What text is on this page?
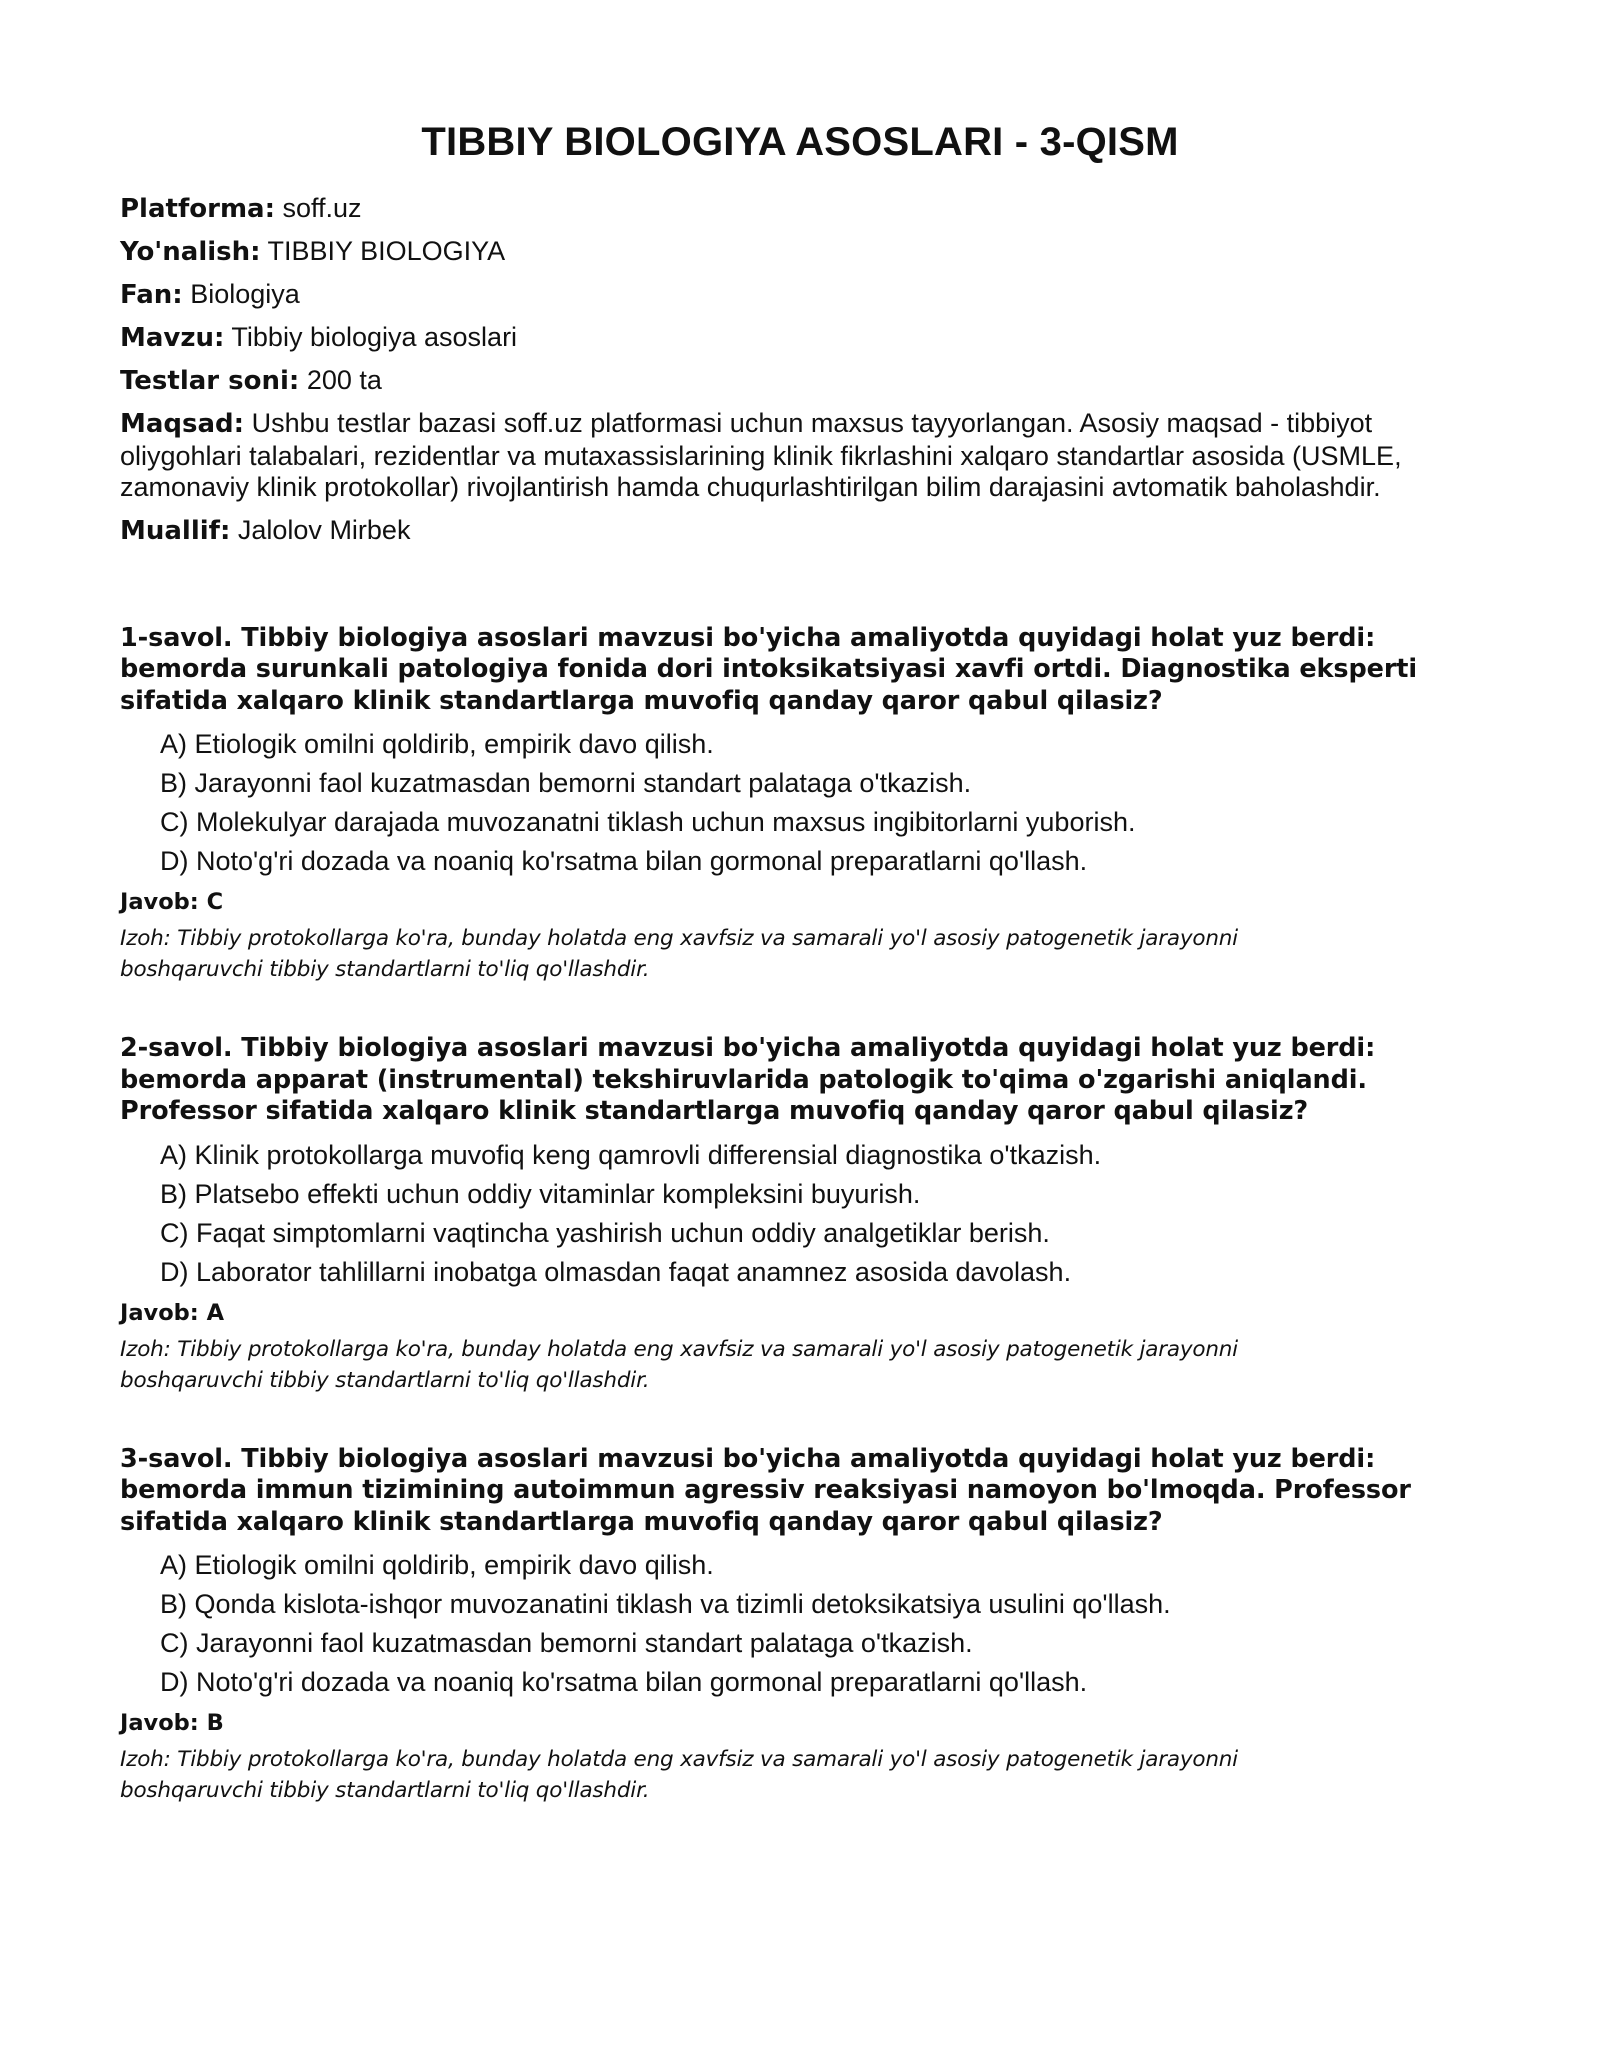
TIBBIY BIOLOGIYA ASOSLARI - 3-QISM
Platforma: soff.uz
Yo'nalish: TIBBIY BIOLOGIYA
Fan: Biologiya
Mavzu: Tibbiy biologiya asoslari
Testlar soni: 200 ta
Maqsad: Ushbu testlar bazasi soff.uz platformasi uchun maxsus tayyorlangan. Asosiy maqsad - tibbiyot oliygohlari talabalari, rezidentlar va mutaxassislarining klinik fikrlashini xalqaro standartlar asosida (USMLE, zamonaviy klinik protokollar) rivojlantirish hamda chuqurlashtirilgan bilim darajasini avtomatik baholashdir.
Muallif: Jalolov Mirbek
1-savol. Tibbiy biologiya asoslari mavzusi bo'yicha amaliyotda quyidagi holat yuz berdi: bemorda surunkali patologiya fonida dori intoksikatsiyasi xavfi ortdi. Diagnostika eksperti sifatida xalqaro klinik standartlarga muvofiq qanday qaror qabul qilasiz?
A) Etiologik omilni qoldirib, empirik davo qilish.
B) Jarayonni faol kuzatmasdan bemorni standart palataga o'tkazish.
C) Molekulyar darajada muvozanatni tiklash uchun maxsus ingibitorlarni yuborish.
D) Noto'g'ri dozada va noaniq ko'rsatma bilan gormonal preparatlarni qo'llash.
Javob: C

Izoh: Tibbiy protokollarga ko'ra, bunday holatda eng xavfsiz va samarali yo'l asosiy patogenetik jarayonni boshqaruvchi tibbiy standartlarni to'liq qo'llashdir.

2-savol. Tibbiy biologiya asoslari mavzusi bo'yicha amaliyotda quyidagi holat yuz berdi: bemorda apparat (instrumental) tekshiruvlarida patologik to'qima o'zgarishi aniqlandi. Professor sifatida xalqaro klinik standartlarga muvofiq qanday qaror qabul qilasiz?
A) Klinik protokollarga muvofiq keng qamrovli differensial diagnostika o'tkazish.
B) Platsebo effekti uchun oddiy vitaminlar kompleksini buyurish.
C) Faqat simptomlarni vaqtincha yashirish uchun oddiy analgetiklar berish.
D) Laborator tahlillarni inobatga olmasdan faqat anamnez asosida davolash.
Javob: A

Izoh: Tibbiy protokollarga ko'ra, bunday holatda eng xavfsiz va samarali yo'l asosiy patogenetik jarayonni boshqaruvchi tibbiy standartlarni to'liq qo'llashdir.

3-savol. Tibbiy biologiya asoslari mavzusi bo'yicha amaliyotda quyidagi holat yuz berdi: bemorda immun tizimining autoimmun agressiv reaksiyasi namoyon bo'lmoqda. Professor sifatida xalqaro klinik standartlarga muvofiq qanday qaror qabul qilasiz?
A) Etiologik omilni qoldirib, empirik davo qilish.
B) Qonda kislota-ishqor muvozanatini tiklash va tizimli detoksikatsiya usulini qo'llash.
C) Jarayonni faol kuzatmasdan bemorni standart palataga o'tkazish.
D) Noto'g'ri dozada va noaniq ko'rsatma bilan gormonal preparatlarni qo'llash.
Javob: B

Izoh: Tibbiy protokollarga ko'ra, bunday holatda eng xavfsiz va samarali yo'l asosiy patogenetik jarayonni boshqaruvchi tibbiy standartlarni to'liq qo'llashdir.
